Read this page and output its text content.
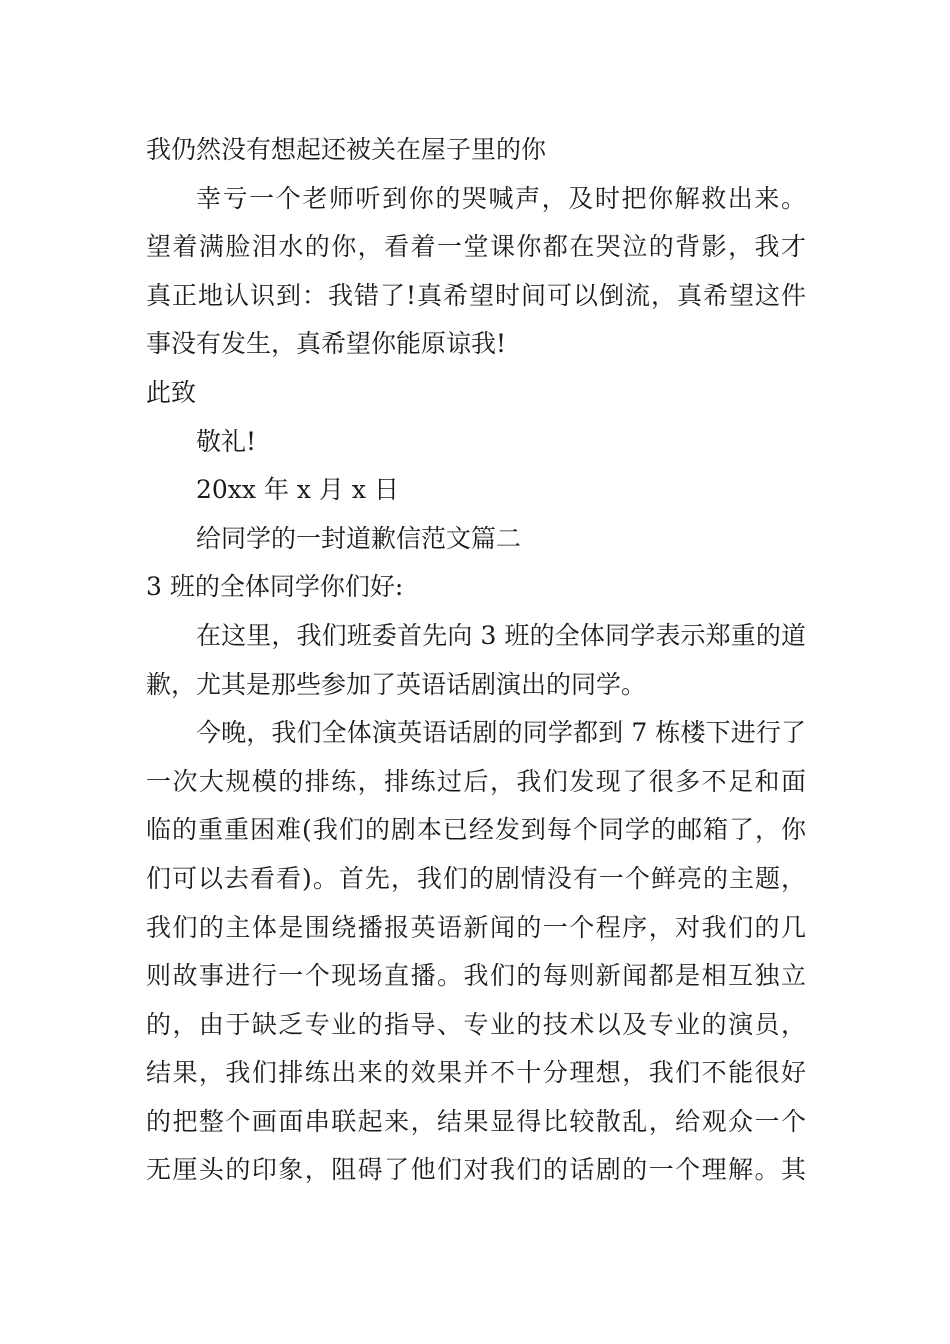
我仍然没有想起还被关在屋子里的你
幸亏一个老师听到你的哭喊声，及时把你解救出来。
望着满脸泪水的你，看着一堂课你都在哭泣的背影，我才
真正地认识到：我错了!真希望时间可以倒流，真希望这件
事没有发生，真希望你能原谅我!
此致
敬礼!
20xx 年 x 月 x 日
给同学的一封道歉信范文篇二
3 班的全体同学你们好:
在这里，我们班委首先向 3 班的全体同学表示郑重的道
歉，尤其是那些参加了英语话剧演出的同学。
今晚，我们全体演英语话剧的同学都到 7 栋楼下进行了
一次大规模的排练，排练过后，我们发现了很多不足和面
临的重重困难(我们的剧本已经发到每个同学的邮箱了，你
们可以去看看)。首先，我们的剧情没有一个鲜亮的主题，
我们的主体是围绕播报英语新闻的一个程序，对我们的几
则故事进行一个现场直播。我们的每则新闻都是相互独立
的，由于缺乏专业的指导、专业的技术以及专业的演员，
结果，我们排练出来的效果并不十分理想，我们不能很好
的把整个画面串联起来，结果显得比较散乱，给观众一个
无厘头的印象，阻碍了他们对我们的话剧的一个理解。其
